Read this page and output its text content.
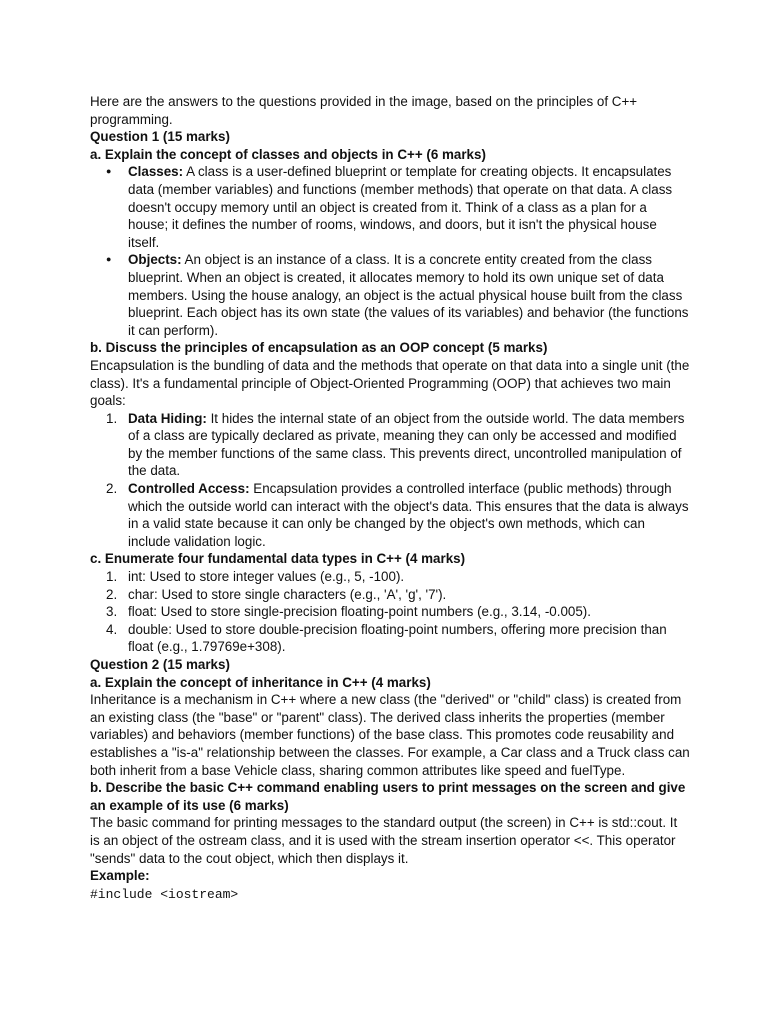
Here are the answers to the questions provided in the image, based on the principles of C++ programming.

Question 1 (15 marks)

a. Explain the concept of classes and objects in C++ (6 marks)

● Classes: A class is a user-defined blueprint or template for creating objects. It encapsulates data (member variables) and functions (member methods) that operate on that data. A class doesn't occupy memory until an object is created from it. Think of a class as a plan for a house; it defines the number of rooms, windows, and doors, but it isn't the physical house itself.
● Objects: An object is an instance of a class. It is a concrete entity created from the class blueprint. When an object is created, it allocates memory to hold its own unique set of data members. Using the house analogy, an object is the actual physical house built from the class blueprint. Each object has its own state (the values of its variables) and behavior (the functions it can perform).

b. Discuss the principles of encapsulation as an OOP concept (5 marks)

Encapsulation is the bundling of data and the methods that operate on that data into a single unit (the class). It's a fundamental principle of Object-Oriented Programming (OOP) that achieves two main goals:

1. Data Hiding: It hides the internal state of an object from the outside world. The data members of a class are typically declared as private, meaning they can only be accessed and modified by the member functions of the same class. This prevents direct, uncontrolled manipulation of the data.
2. Controlled Access: Encapsulation provides a controlled interface (public methods) through which the outside world can interact with the object's data. This ensures that the data is always in a valid state because it can only be changed by the object's own methods, which can include validation logic.

c. Enumerate four fundamental data types in C++ (4 marks)

1. int: Used to store integer values (e.g., 5, -100).
2. char: Used to store single characters (e.g., 'A', 'g', '7').
3. float: Used to store single-precision floating-point numbers (e.g., 3.14, -0.005).
4. double: Used to store double-precision floating-point numbers, offering more precision than float (e.g., 1.79769e+308).

Question 2 (15 marks)

a. Explain the concept of inheritance in C++ (4 marks)

Inheritance is a mechanism in C++ where a new class (the "derived" or "child" class) is created from an existing class (the "base" or "parent" class). The derived class inherits the properties (member variables) and behaviors (member functions) of the base class. This promotes code reusability and establishes a "is-a" relationship between the classes. For example, a Car class and a Truck class can both inherit from a base Vehicle class, sharing common attributes like speed and fuelType.

b. Describe the basic C++ command enabling users to print messages on the screen and give an example of its use (6 marks)

The basic command for printing messages to the standard output (the screen) in C++ is std::cout. It is an object of the ostream class, and it is used with the stream insertion operator <<. This operator "sends" data to the cout object, which then displays it.

Example:

#include <iostream>
